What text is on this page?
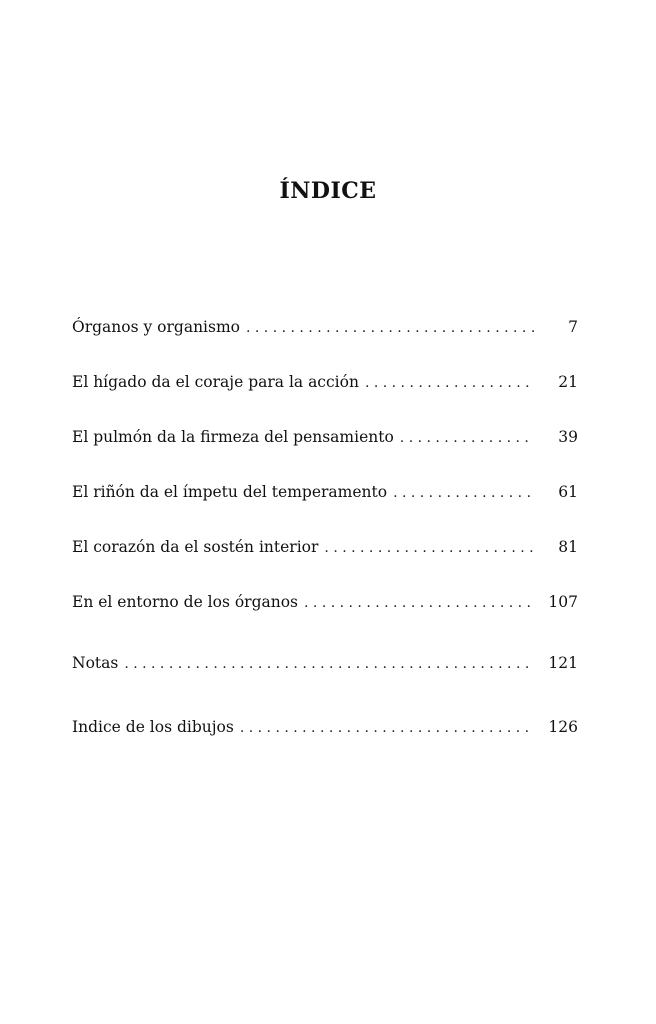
ÍNDICE
Órganos y organismo . . .	7
El hígado da el coraje para la acción . . .	21
El pulmón da la firmeza del pensamiento . . .	39
El riñón da el ímpetu del temperamento . . .	61
El corazón da el sostén interior . . .	81
En el entorno de los órganos . . .	107
Notas . . .	121
Indice de los dibujos . . .	126
